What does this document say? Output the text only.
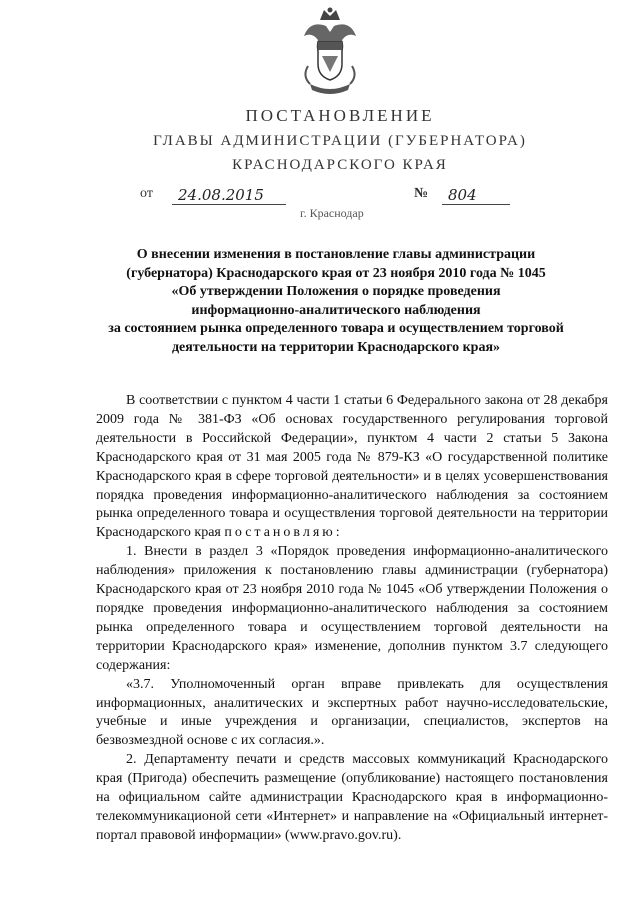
ПОСТАНОВЛЕНИЕ
ГЛАВЫ АДМИНИСТРАЦИИ (ГУБЕРНАТОРА)
КРАСНОДАРСКОГО КРАЯ
от	24.08.2015	№	804
г. Краснодар
О внесении изменения в постановление главы администрации
(губернатора) Краснодарского края от 23 ноября 2010 года № 1045
«Об утверждении Положения о порядке проведения
информационно-аналитического наблюдения
за состоянием рынка определенного товара и осуществлением торговой
деятельности на территории Краснодарского края»

В соответствии с пунктом 4 части 1 статьи 6 Федерального закона от 28 декабря 2009 года № 381-ФЗ «Об основах государственного регулирования торговой деятельности в Российской Федерации», пунктом 4 части 2 статьи 5 Закона Краснодарского края от 31 мая 2005 года № 879-КЗ «О государственной политике Краснодарского края в сфере торговой деятельности» и в целях усовершенствования порядка проведения информационно-аналитического наблюдения за состоянием рынка определенного товара и осуществления торговой деятельности на территории Краснодарского края постановляю:

1. Внести в раздел 3 «Порядок проведения информационно-аналитического наблюдения» приложения к постановлению главы администрации (губернатора) Краснодарского края от 23 ноября 2010 года № 1045 «Об утверждении Положения о порядке проведения информационно-аналитического наблюдения за состоянием рынка определенного товара и осуществлением торговой деятельности на территории Краснодарского края» изменение, дополнив пунктом 3.7 следующего содержания:

«3.7. Уполномоченный орган вправе привлекать для осуществления информационных, аналитических и экспертных работ научно-исследовательские, учебные и иные учреждения и организации, специалистов, экспертов на безвозмездной основе с их согласия.».

2. Департаменту печати и средств массовых коммуникаций Краснодарского края (Пригода) обеспечить размещение (опубликование) настоящего постановления на официальном сайте администрации Краснодарского края в информационно-телекоммуникационой сети «Интернет» и направление на «Официальный интернет-портал правовой информации» (www.pravo.gov.ru).
